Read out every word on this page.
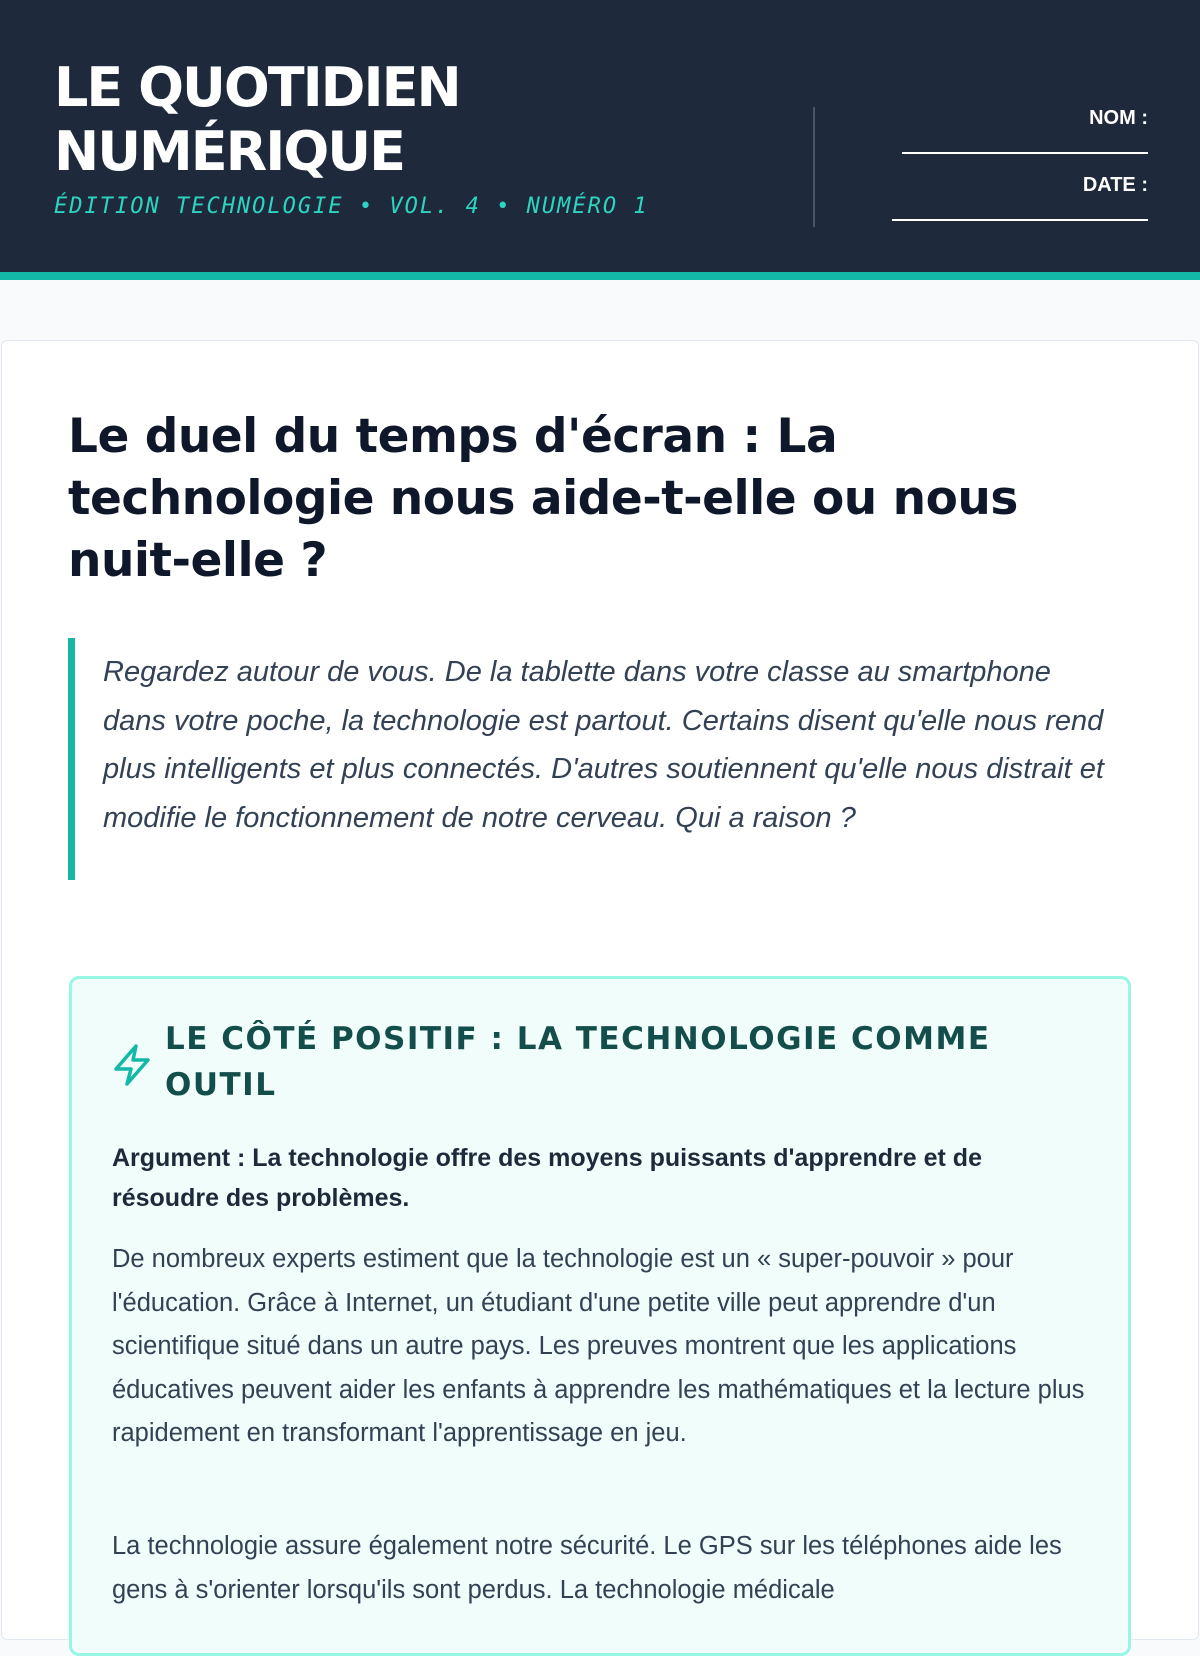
LE QUOTIDIEN
NUMÉRIQUE
ÉDITION TECHNOLOGIE • VOL. 4 • NUMÉRO 1
NOM :
DATE :
Le duel du temps d'écran : La technologie nous aide-t-elle ou nous nuit-elle ?
Regardez autour de vous. De la tablette dans votre classe au smartphone dans votre poche, la technologie est partout. Certains disent qu'elle nous rend plus intelligents et plus connectés. D'autres soutiennent qu'elle nous distrait et modifie le fonctionnement de notre cerveau. Qui a raison ?
LE CÔTÉ POSITIF : LA TECHNOLOGIE COMME OUTIL

Argument : La technologie offre des moyens puissants d'apprendre et de résoudre des problèmes.

De nombreux experts estiment que la technologie est un « super-pouvoir » pour l'éducation. Grâce à Internet, un étudiant d'une petite ville peut apprendre d'un scientifique situé dans un autre pays. Les preuves montrent que les applications éducatives peuvent aider les enfants à apprendre les mathématiques et la lecture plus rapidement en transformant l'apprentissage en jeu.

La technologie assure également notre sécurité. Le GPS sur les téléphones aide les gens à s'orienter lorsqu'ils sont perdus. La technologie médicale
